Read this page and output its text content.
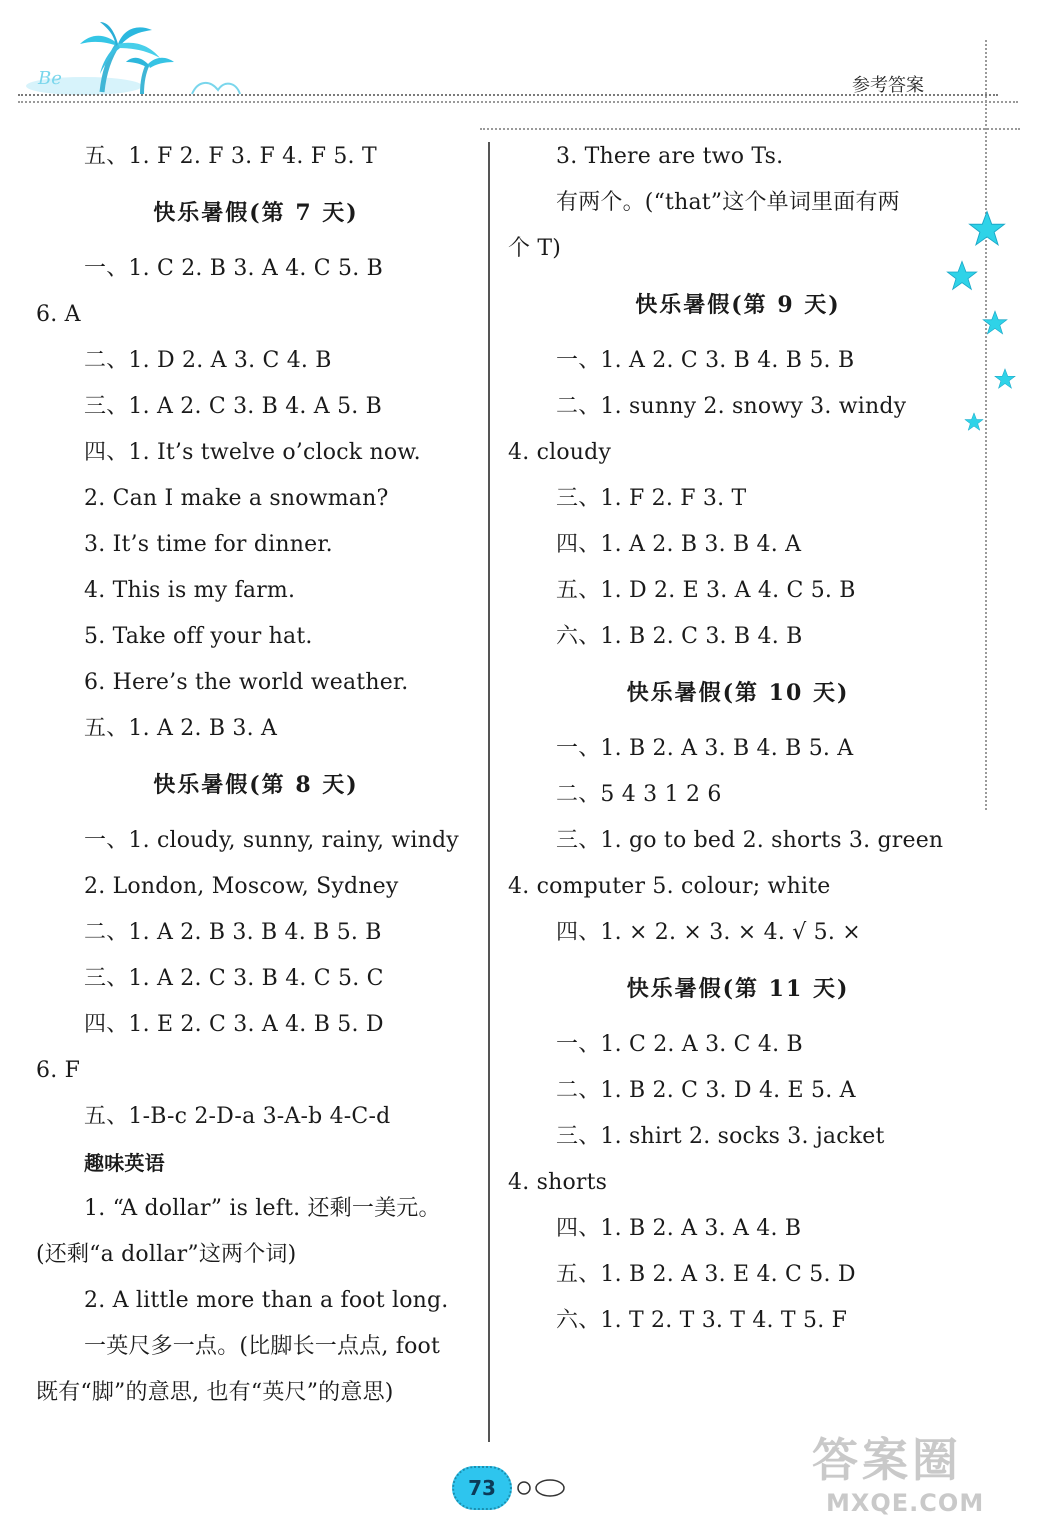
Be	参考答案
五、1. F 2. F 3. F 4. F 5. T
快乐暑假(第 7 天)
一、1. C 2. B 3. A 4. C 5. B
6. A
二、1. D 2. A 3. C 4. B
三、1. A 2. C 3. B 4. A 5. B
四、1. It’s twelve o’clock now.
2. Can I make a snowman?
3. It’s time for dinner.
4. This is my farm.
5. Take off your hat.
6. Here’s the world weather.
五、1. A 2. B 3. A
快乐暑假(第 8 天)
一、1. cloudy, sunny, rainy, windy
2. London, Moscow, Sydney
二、1. A 2. B 3. B 4. B 5. B
三、1. A 2. C 3. B 4. C 5. C
四、1. E 2. C 3. A 4. B 5. D
6. F
五、1-B-c 2-D-a 3-A-b 4-C-d
趣味英语
1. “A dollar” is left. 还剩一美元。
(还剩“a dollar”这两个词)
2. A little more than a foot long.
一英尺多一点。(比脚长一点点, foot
既有“脚”的意思, 也有“英尺”的意思)
3. There are two Ts.
有两个。(“that”这个单词里面有两
个 T)
快乐暑假(第 9 天)
一、1. A 2. C 3. B 4. B 5. B
二、1. sunny 2. snowy 3. windy
4. cloudy
三、1. F 2. F 3. T
四、1. A 2. B 3. B 4. A
五、1. D 2. E 3. A 4. C 5. B
六、1. B 2. C 3. B 4. B
快乐暑假(第 10 天)
一、1. B 2. A 3. B 4. B 5. A
二、5 4 3 1 2 6
三、1. go to bed 2. shorts 3. green
4. computer 5. colour; white
四、1. × 2. × 3. × 4. √ 5. ×
快乐暑假(第 11 天)
一、1. C 2. A 3. C 4. B
二、1. B 2. C 3. D 4. E 5. A
三、1. shirt 2. socks 3. jacket
4. shorts
四、1. B 2. A 3. A 4. B
五、1. B 2. A 3. E 4. C 5. D
六、1. T 2. T 3. T 4. T 5. F
73
答案圈
MXQE.COM
